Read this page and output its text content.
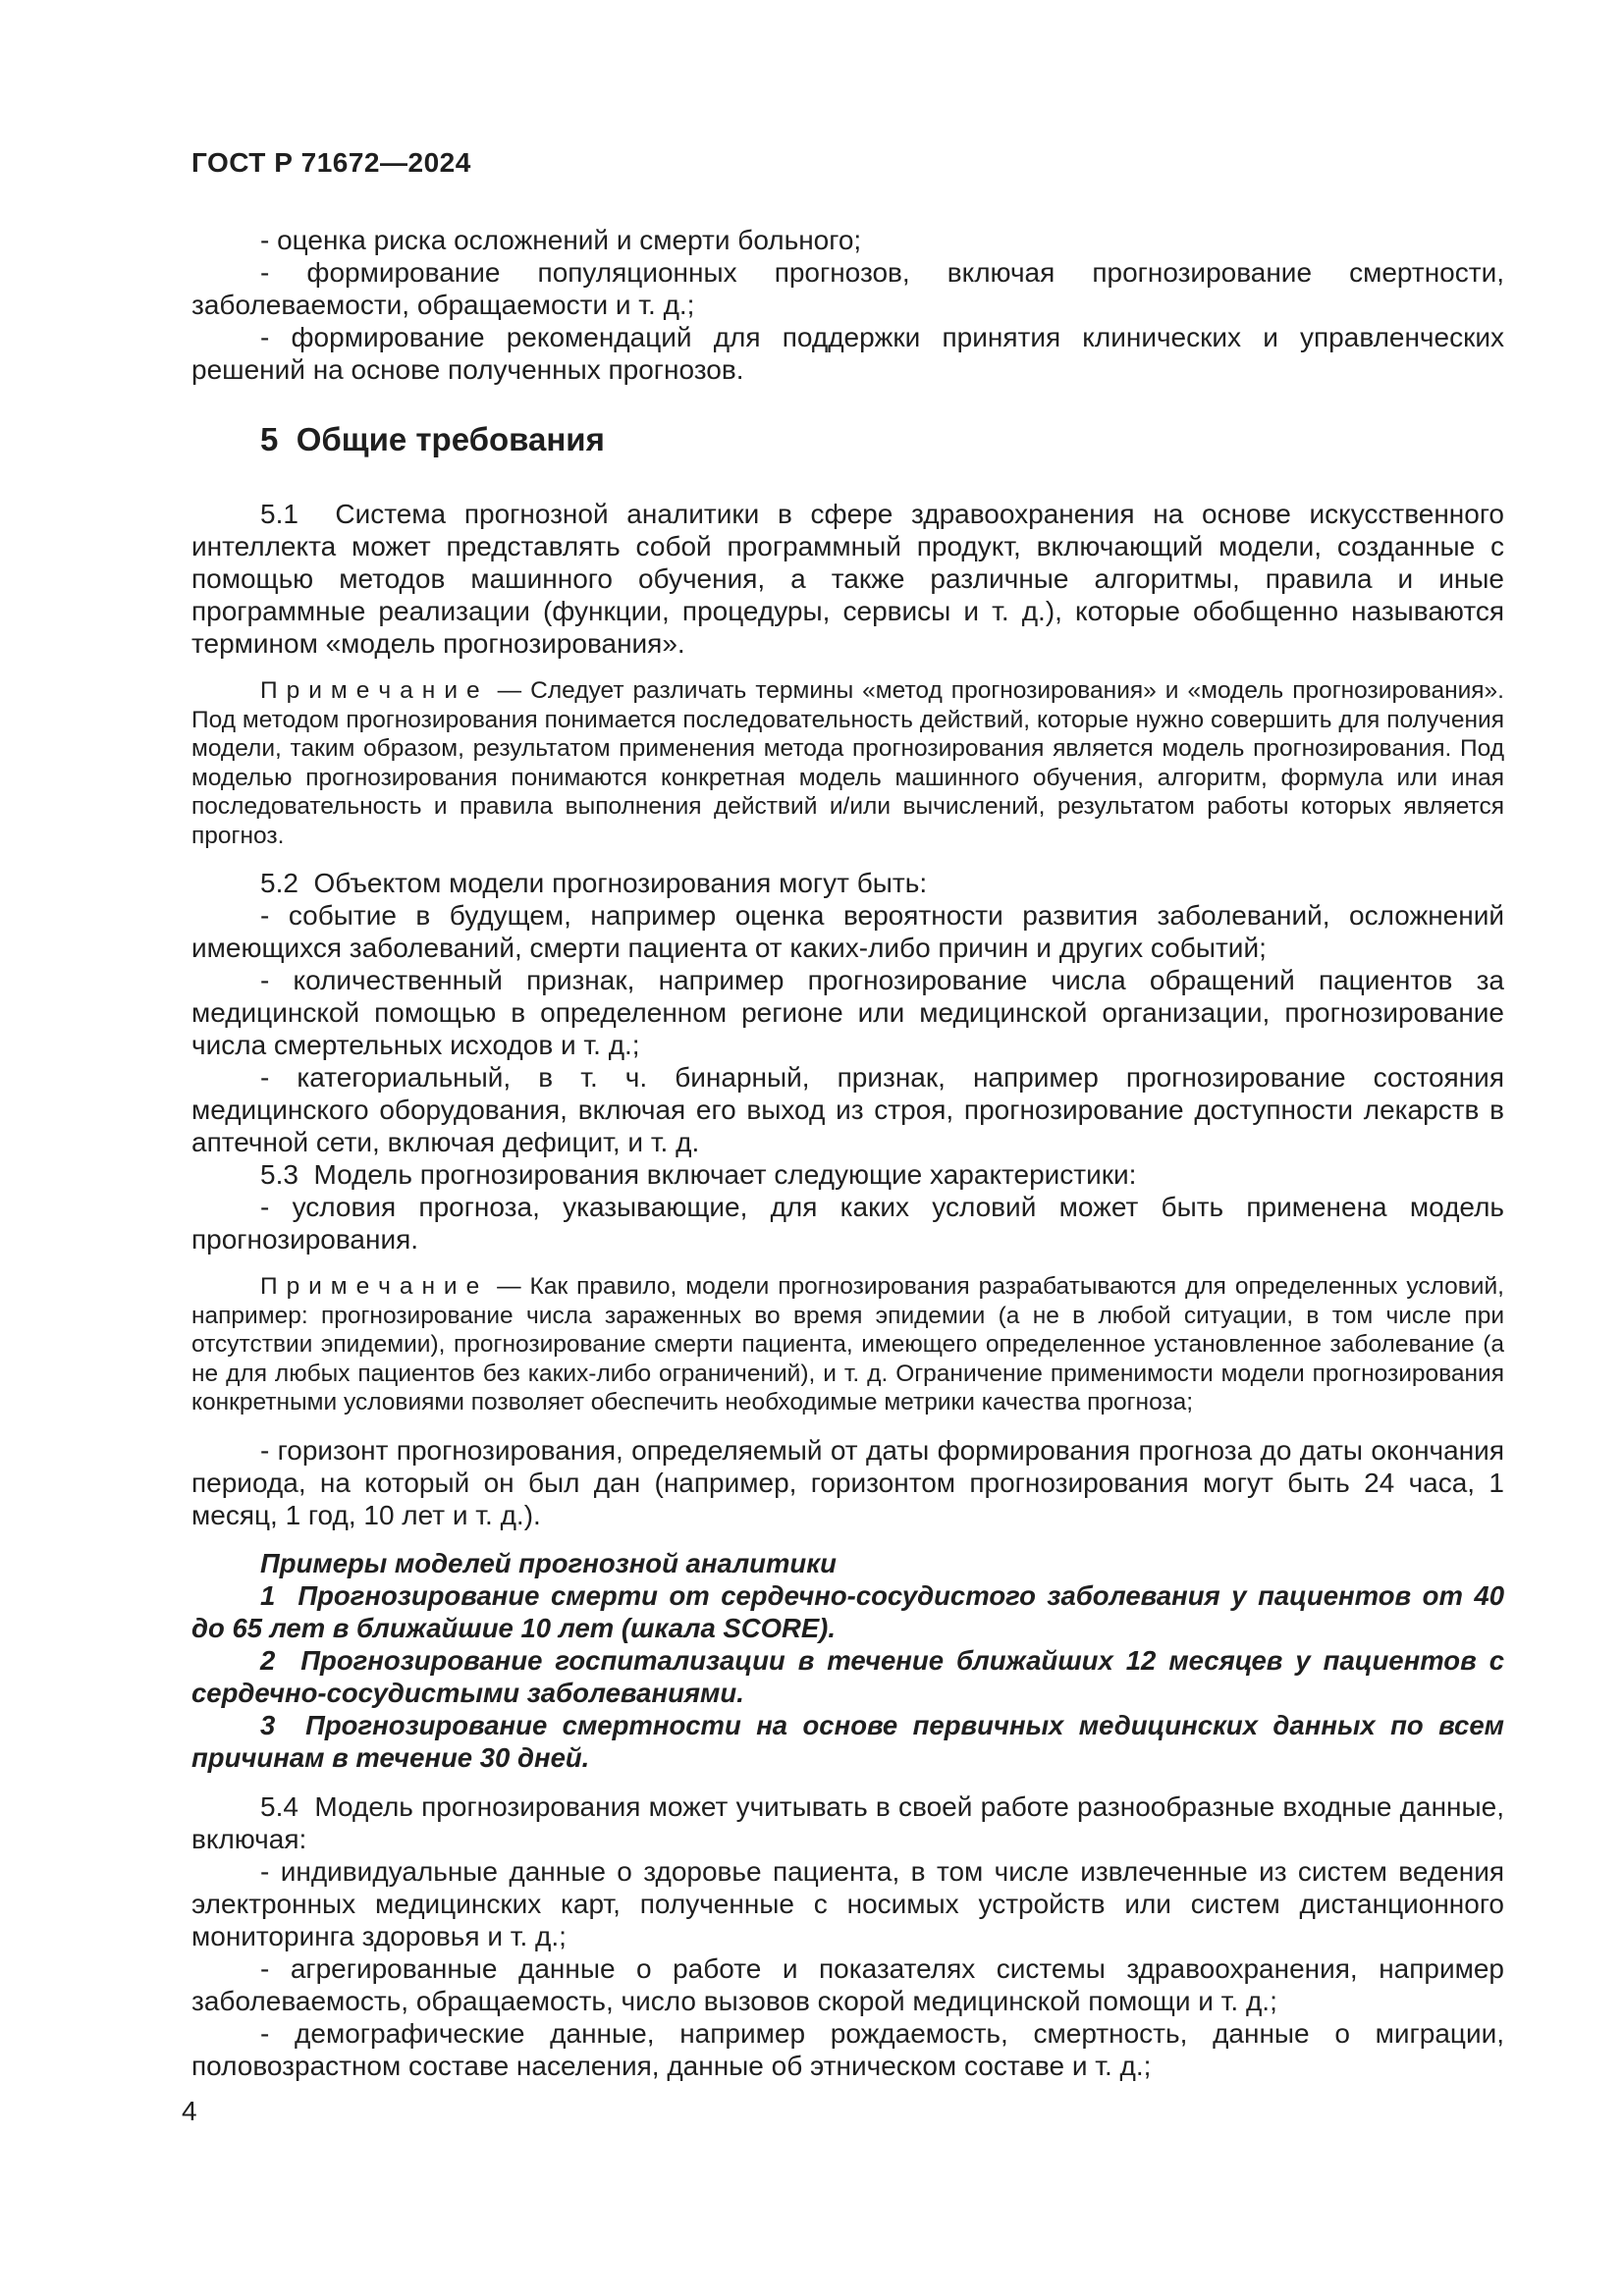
ГОСТ Р 71672—2024

- оценка риска осложнений и смерти больного;

- формирование популяционных прогнозов, включая прогнозирование смертности, заболеваемости, обращаемости и т. д.;

- формирование рекомендаций для поддержки принятия клинических и управленческих решений на основе полученных прогнозов.

5  Общие требования

5.1  Система прогнозной аналитики в сфере здравоохранения на основе искусственного интеллекта может представлять собой программный продукт, включающий модели, созданные с помощью методов машинного обучения, а также различные алгоритмы, правила и иные программные реализации (функции, процедуры, сервисы и т. д.), которые обобщенно называются термином «модель прогнозирования».

П р и м е ч а н и е  — Следует различать термины «метод прогнозирования» и «модель прогнозирования». Под методом прогнозирования понимается последовательность действий, которые нужно совершить для получения модели, таким образом, результатом применения метода прогнозирования является модель прогнозирования. Под моделью прогнозирования понимаются конкретная модель машинного обучения, алгоритм, формула или иная последовательность и правила выполнения действий и/или вычислений, результатом работы которых является прогноз.

5.2  Объектом модели прогнозирования могут быть:

- событие в будущем, например оценка вероятности развития заболеваний, осложнений имеющихся заболеваний, смерти пациента от каких-либо причин и других событий;

- количественный признак, например прогнозирование числа обращений пациентов за медицинской помощью в определенном регионе или медицинской организации, прогнозирование числа смертельных исходов и т. д.;

- категориальный, в т. ч. бинарный, признак, например прогнозирование состояния медицинского оборудования, включая его выход из строя, прогнозирование доступности лекарств в аптечной сети, включая дефицит, и т. д.

5.3  Модель прогнозирования включает следующие характеристики:

- условия прогноза, указывающие, для каких условий может быть применена модель прогнозирования.

П р и м е ч а н и е  — Как правило, модели прогнозирования разрабатываются для определенных условий, например: прогнозирование числа зараженных во время эпидемии (а не в любой ситуации, в том числе при отсутствии эпидемии), прогнозирование смерти пациента, имеющего определенное установленное заболевание (а не для любых пациентов без каких-либо ограничений), и т. д. Ограничение применимости модели прогнозирования конкретными условиями позволяет обеспечить необходимые метрики качества прогноза;

- горизонт прогнозирования, определяемый от даты формирования прогноза до даты окончания периода, на который он был дан (например, горизонтом прогнозирования могут быть 24 часа, 1 месяц, 1 год, 10 лет и т. д.).

Примеры моделей прогнозной аналитики

1  Прогнозирование смерти от сердечно-сосудистого заболевания у пациентов от 40 до 65 лет в ближайшие 10 лет (шкала SCORE).

2  Прогнозирование госпитализации в течение ближайших 12 месяцев у пациентов с сердечно-сосудистыми заболеваниями.

3  Прогнозирование смертности на основе первичных медицинских данных по всем причинам в течение 30 дней.

5.4  Модель прогнозирования может учитывать в своей работе разнообразные входные данные, включая:

- индивидуальные данные о здоровье пациента, в том числе извлеченные из систем ведения электронных медицинских карт, полученные с носимых устройств или систем дистанционного мониторинга здоровья и т. д.;

- агрегированные данные о работе и показателях системы здравоохранения, например заболеваемость, обращаемость, число вызовов скорой медицинской помощи и т. д.;

- демографические данные, например рождаемость, смертность, данные о миграции, половозрастном составе населения, данные об этническом составе и т. д.;

4
